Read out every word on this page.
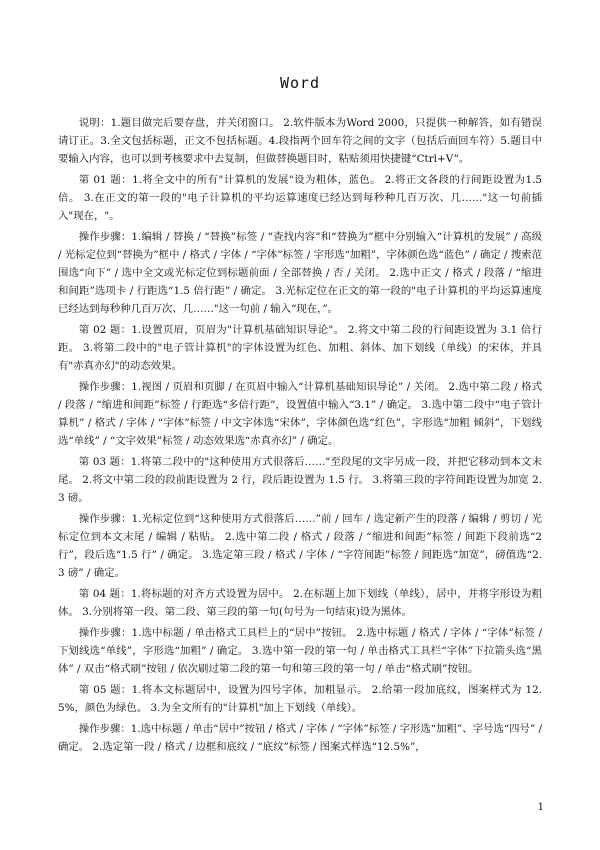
Word

说明：1.题目做完后要存盘，并关闭窗口。 2.软件版本为Word 2000，只提供一种解答，如有错误请订正。3.全文包括标题，正文不包括标题。4.段指两个回车符之间的文字（包括后面回车符）5.题目中要输入内容，也可以到考核要求中去复制，但做替换题目时，粘贴须用快捷键“Ctrl+V”。

第 01 题：1.将全文中的所有"计算机的发展"设为粗体，蓝色。 2.将正文各段的行间距设置为1.5 倍。 3.在正文的第一段的"电子计算机的平均运算速度已经达到每秒种几百万次、几……"这一句前插入"现在，"。

操作步骤：1.编辑 / 替换 / “替换”标签 / “查找内容”和“替换为”框中分别输入“计算机的发展” / 高级 / 光标定位到“替换为”框中 / 格式 / 字体 / “字体”标签 / 字形选“加粗”，字体颜色选“蓝色” / 确定 / 搜索范围选“向下” / 选中全文或光标定位到标题前面 / 全部替换 / 否 / 关闭。 2.选中正文 / 格式 / 段落 / “缩进和间距”选项卡 / 行距选“1.5 倍行距” / 确定。 3.光标定位在正文的第一段的"电子计算机的平均运算速度已经达到每秒种几百万次、几……"这一句前 / 输入“现在，”。

第 02 题：1.设置页眉，页眉为"计算机基础知识导论"。 2.将文中第二段的行间距设置为 3.1 倍行距。 3.将第二段中的"电子管计算机"的字体设置为红色、加粗、斜体、加下划线（单线）的宋体，并具有"赤真亦幻"的动态效果。

操作步骤：1.视图 / 页眉和页脚 / 在页眉中输入“计算机基础知识导论” / 关闭。 2.选中第二段 / 格式 / 段落 / “缩进和间距”标签 / 行距选“多倍行距”，设置值中输入“3.1” / 确定。 3.选中第二段中“电子管计算机” / 格式 / 字体 / “字体”标签 / 中文字体选“宋体”，字体颜色选“红色”，字形选“加粗 倾斜”，下划线选“单线” / “文字效果”标签 / 动态效果选“赤真亦幻” / 确定。

第 03 题：1.将第二段中的"这种使用方式很落后……"至段尾的文字另成一段，并把它移动到本文末尾。 2.将文中第二段的段前距设置为 2 行，段后距设置为 1.5 行。 3.将第三段的字符间距设置为加宽 2.3 磅。

操作步骤：1.光标定位到“这种使用方式很落后……”前 / 回车 / 选定新产生的段落 / 编辑 / 剪切 / 光标定位到本文末尾 / 编辑 / 粘贴。 2.选中第二段 / 格式 / 段落 / “缩进和间距”标签 / 间距下段前选“2 行”，段后选“1.5 行” / 确定。 3.选定第三段 / 格式 / 字体 / “字符间距”标签 / 间距选“加宽”，磅值选“2.3 磅” / 确定。

第 04 题：1.将标题的对齐方式设置为居中。 2.在标题上加下划线（单线），居中，并将字形设为粗体。 3.分别将第一段、第二段、第三段的第一句(句号为一句结束)设为黑体。

操作步骤：1.选中标题 / 单击格式工具栏上的“居中”按钮。 2.选中标题 / 格式 / 字体 / “字体”标签 / 下划线选“单线”，字形选“加粗” / 确定。 3.选中第一段的第一句 / 单击格式工具栏“字体”下拉箭头选“黑体” / 双击“格式刷”按钮 / 依次刷过第二段的第一句和第三段的第一句 / 单击“格式刷”按钮。

第 05 题：1.将本文标题居中，设置为四号字体，加粗显示。 2.给第一段加底纹，图案样式为 12.5%，颜色为绿色。 3.为全文所有的"计算机"加上下划线（单线）。

操作步骤：1.选中标题 / 单击“居中”按钮 / 格式 / 字体 / “字体”标签 / 字形选“加粗”、字号选“四号” / 确定。 2.选定第一段 / 格式 / 边框和底纹 / “底纹”标签 / 图案式样选“12.5%”，

1
